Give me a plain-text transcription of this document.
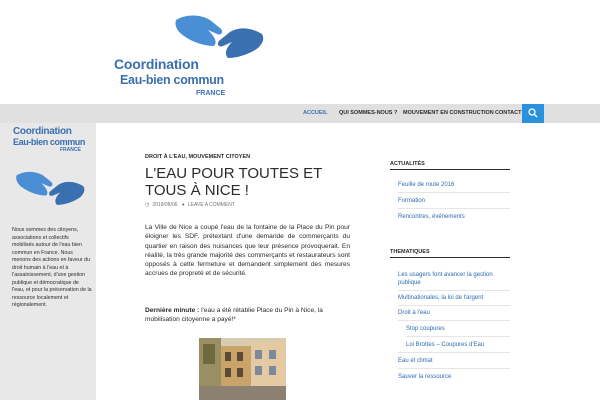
Coordination
Eau-bien commun
FRANCE
ACCUEIL QUI SOMMES-NOUS ? MOUVEMENT EN CONSTRUCTION CONTACT
Coordination
Eau-bien commun
FRANCE
Nous sommes des citoyens, associations et collectifs mobilisés autour de l'eau bien commun en France. Nous menons des actions en faveur du droit humain à l'eau et à l'assainissement, d'une gestion publique et démocratique de l'eau, et pour la préservation de la ressource localement et régionalement.
DROIT À L'EAU, MOUVEMENT CITOYEN
L'EAU POUR TOUTES ET TOUS À NICE !
◷ 2018/08/06 ● LEAVE A COMMENT
La Ville de Nice a coupé l'eau de la fontaine de la Place du Pin pour éloigner les SDF, prétextant d'une demande de commerçants du quartier en raison des nuisances que leur présence provoquerait. En réalité, la très grande majorité des commerçants et restaurateurs sont opposés à cette fermeture et demandent simplement des mesures accrues de propreté et de sécurité.
Dernière minute : l'eau a été rétablie Place du Pin à Nice, la mobilisation citoyenne a payé!*
ACTUALITÉS
Feuille de route 2016
Formation
Rencontres, événements
THEMATIQUES
Les usagers font avancer la gestion publique
Multinationales, la loi de l'argent
Droit à l'eau
Stop coupures
Loi Brottes – Coupures d'Eau
Eau et climat
Sauver la ressource
